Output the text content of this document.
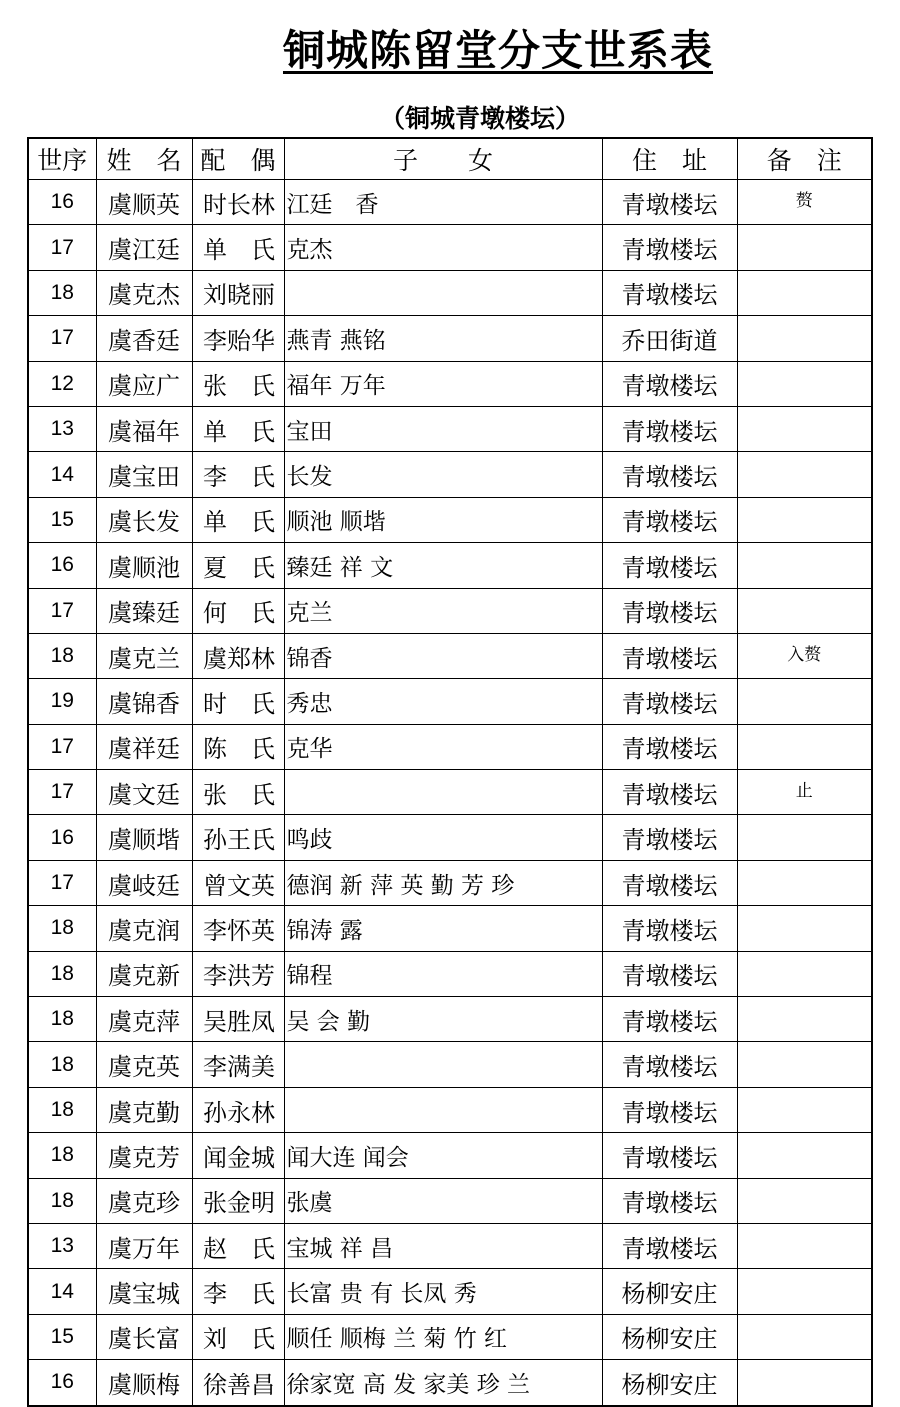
铜城陈留堂分支世系表
（铜城青墩楼坛）
世序	姓　名	配　偶	子　　女	住　址	备　注
16	虞顺英	时长林	江廷　香	青墩楼坛	赘
17	虞江廷	单　氏	克杰	青墩楼坛	
18	虞克杰	刘晓丽		青墩楼坛	
17	虞香廷	李贻华	燕青 燕铭	乔田街道	
12	虞应广	张　氏	福年 万年	青墩楼坛	
13	虞福年	单　氏	宝田	青墩楼坛	
14	虞宝田	李　氏	长发	青墩楼坛	
15	虞长发	单　氏	顺池 顺堦	青墩楼坛	
16	虞顺池	夏　氏	臻廷 祥 文	青墩楼坛	
17	虞臻廷	何　氏	克兰	青墩楼坛	
18	虞克兰	虞郑林	锦香	青墩楼坛	入赘
19	虞锦香	时　氏	秀忠	青墩楼坛	
17	虞祥廷	陈　氏	克华	青墩楼坛	
17	虞文廷	张　氏		青墩楼坛	止
16	虞顺堦	孙王氏	鸣歧	青墩楼坛	
17	虞岐廷	曾文英	德润 新 萍 英 勤 芳 珍	青墩楼坛	
18	虞克润	李怀英	锦涛 露	青墩楼坛	
18	虞克新	李洪芳	锦程	青墩楼坛	
18	虞克萍	吴胜凤	吴 会 勤	青墩楼坛	
18	虞克英	李满美		青墩楼坛	
18	虞克勤	孙永林		青墩楼坛	
18	虞克芳	闻金城	闻大连 闻会	青墩楼坛	
18	虞克珍	张金明	张虞	青墩楼坛	
13	虞万年	赵　氏	宝城 祥 昌	青墩楼坛	
14	虞宝城	李　氏	长富 贵 有 长凤 秀	杨柳安庄	
15	虞长富	刘　氏	顺任 顺梅 兰 菊 竹 红	杨柳安庄	
16	虞顺梅	徐善昌	徐家宽 高 发 家美 珍 兰	杨柳安庄	
